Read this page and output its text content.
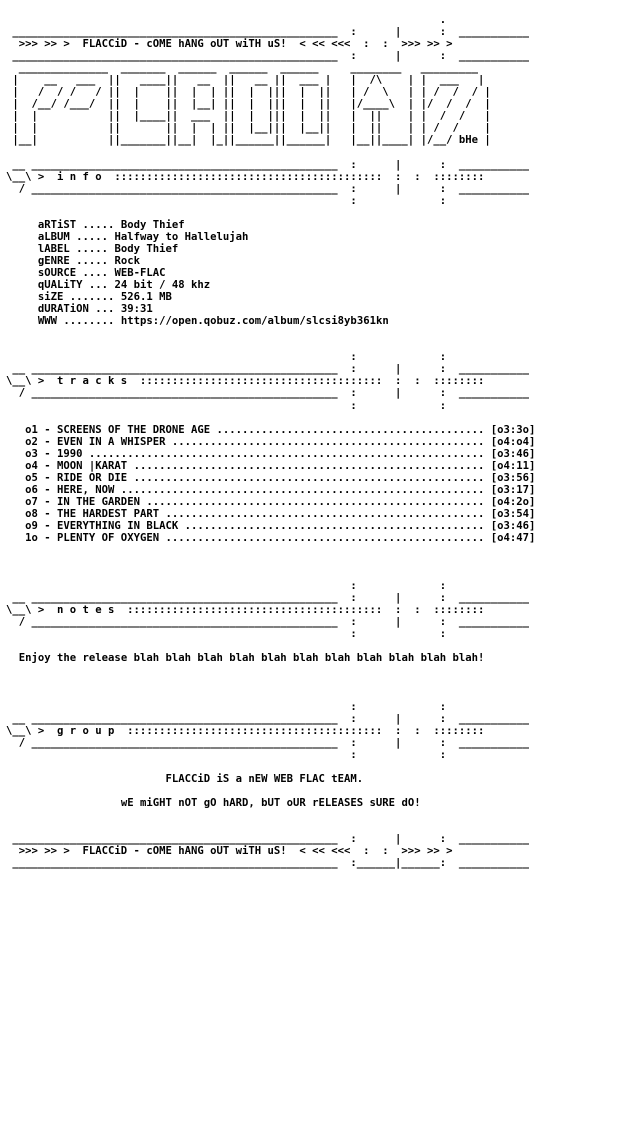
.
___________________________________________________  :      |      :  ___________

>>> >> >  FLACCiD - cOME hANG oUT wiTH uS!  < << <<<  :  :  >>> >> >
___________________________________________________  :      |      :  ___________

______________  _______  ______  ______  ______     ________   _________
|    __   ___  ||   ____||   __  ||   __ ||  ___ |   |  /\    | |  ___   |
|   /  / /   / ||  |    ||  |  | ||  |  |||  |  ||   | /  \   | | /  /  / |
|  /__/ /___/  ||  |    ||  |__| ||  |  |||  |  ||   |/____\  | |/  /  /  |
|  |           ||  |____||  ___  ||  |  |||  |  ||   |  ||    | |  /  /   |
|  |           ||       ||  |  | ||  |__|||  |__||   |  ||    | | /  /    |
|__|           ||_______||__|  |_||______||______|   |__||____| |/__/ bHe |

__ ________________________________________________  :      |      :  ___________

\__\ >  i n f o  ::::::::::::::::::::::::::::::::::::::::::  :  :  ::::::::
/ ________________________________________________  :      |      :  ___________
:             :

aRTiST ..... Body Thief
aLBUM ..... Halfway to Hallelujah
lABEL ..... Body Thief
gENRE ..... Rock
sOURCE .... WEB-FLAC
qUALiTY ... 24 bit / 48 khz
siZE ....... 526.1 MB
dURATiON ... 39:31
WWW ........ https://open.qobuz.com/album/slcsi8yb361kn

:             :
__ ________________________________________________  :      |      :  ___________

\__\ >  t r a c k s  ::::::::::::::::::::::::::::::::::::::  :  :  ::::::::
/ ________________________________________________  :      |      :  ___________
:             :

o1 - SCREENS OF THE DRONE AGE .......................................... [o3:3o]
o2 - EVEN IN A WHISPER ................................................. [o4:o4]
o3 - 1990 .............................................................. [o3:46]
o4 - MOON |KARAT ....................................................... [o4:11]
o5 - RIDE OR DIE ....................................................... [o3:56]
o6 - HERE, NOW ......................................................... [o3:17]
o7 - IN THE GARDEN ..................................................... [o4:2o]
o8 - THE HARDEST PART .................................................. [o3:54]
o9 - EVERYTHING IN BLACK ............................................... [o3:46]
1o - PLENTY OF OXYGEN .................................................. [o4:47]

:             :
__ ________________________________________________  :      |      :  ___________

\__\ >  n o t e s  ::::::::::::::::::::::::::::::::::::::::  :  :  ::::::::
/ ________________________________________________  :      |      :  ___________
:             :

Enjoy the release blah blah blah blah blah blah blah blah blah blah blah!

:             :
__ ________________________________________________  :      |      :  ___________

\__\ >  g r o u p  ::::::::::::::::::::::::::::::::::::::::  :  :  ::::::::
/ ________________________________________________  :      |      :  ___________
:             :

FLACCiD iS a nEW WEB FLAC tEAM.

wE miGHT nOT gO hARD, bUT oUR rELEASES sURE dO!

___________________________________________________  :      |      :  ___________

>>> >> >  FLACCiD - cOME hANG oUT wiTH uS!  < << <<<  :  :  >>> >> >
___________________________________________________  :______|______:  ___________
